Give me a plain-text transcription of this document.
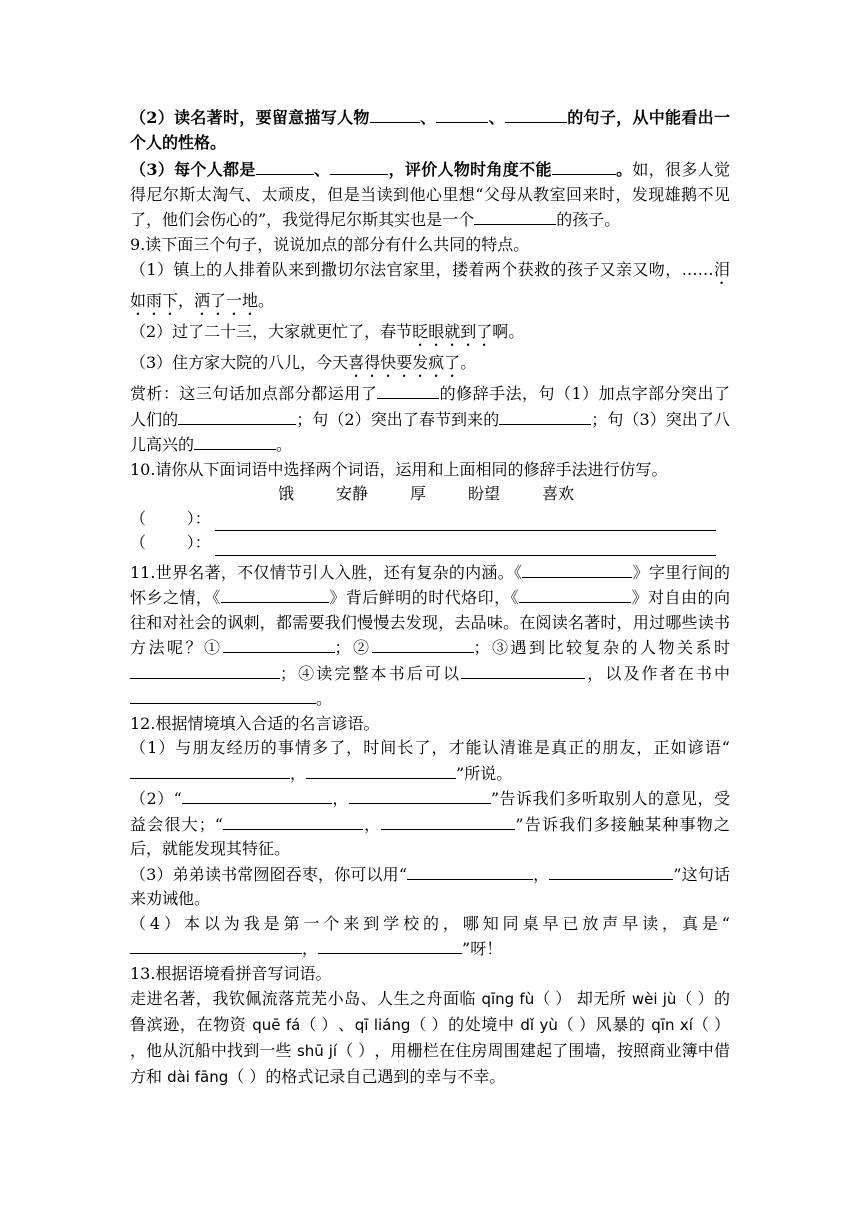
（2）读名著时，要留意描写人物	、	、	的句子，从中能看出一个人的性格。

（3）每个人都是	、	，评价人物时角度不能	。如，很多人觉得尼尔斯太淘气、太顽皮，但是当读到他心里想“父母从教室回来时，发现雄鹅不见了，他们会伤心的”，我觉得尼尔斯其实也是一个	的孩子。

9.读下面三个句子，说说加点的部分有什么共同的特点。

（1）镇上的人排着队来到撒切尔法官家里，搂着两个获救的孩子又亲又吻，……泪如雨下，洒了一地。

（2）过了二十三，大家就更忙了，春节眨眼就到了啊。

（3）住方家大院的八儿，今天喜得快要发疯了。

赏析：这三句话加点部分都运用了	的修辞手法，句（1）加点字部分突出了人们的	；句（2）突出了春节到来的	；句（3）突出了八儿高兴的	。

10.请你从下面词语中选择两个词语，运用和上面相同的修辞手法进行仿写。

饿	安静	厚	盼望	喜欢

（        ）：
（        ）：

11.世界名著，不仅情节引人入胜，还有复杂的内涵。《	》字里行间的怀乡之情，《	》背后鲜明的时代烙印，《	》对自由的向往和对社会的讽刺，都需要我们慢慢去发现，去品味。在阅读名著时，用过哪些读书方法呢？①	；②	；③遇到比较复杂的人物关系时；④读完整本书后可以	，以及作者在书中。

12.根据情境填入合适的名言谚语。

（1）与朋友经历的事情多了，时间长了，才能认清谁是真正的朋友，正如谚语“，	”所说。

（2）“	，	”告诉我们多听取别人的意见，受益会很大；“	，	”告诉我们多接触某种事物之后，就能发现其特征。

（3）弟弟读书常囫囵吞枣，你可以用“	，	”这句话来劝诫他。

（4）本以为我是第一个来到学校的，哪知同桌早已放声早读，真是“，	”呀！

13.根据语境看拼音写词语。

走进名著，我钦佩流落荒芜小岛、人生之舟面临 qīng fù（ ） 却无所 wèi jù（ ）的鲁滨逊，在物资 quē fá（ ）、qī liáng（ ）的处境中 dǐ yù（ ）风暴的 qīn xí（ ），他从沉船中找到一些 shū jí（ ），用栅栏在住房周围建起了围墙，按照商业簿中借方和 dài fāng（ ）的格式记录自己遇到的幸与不幸。
